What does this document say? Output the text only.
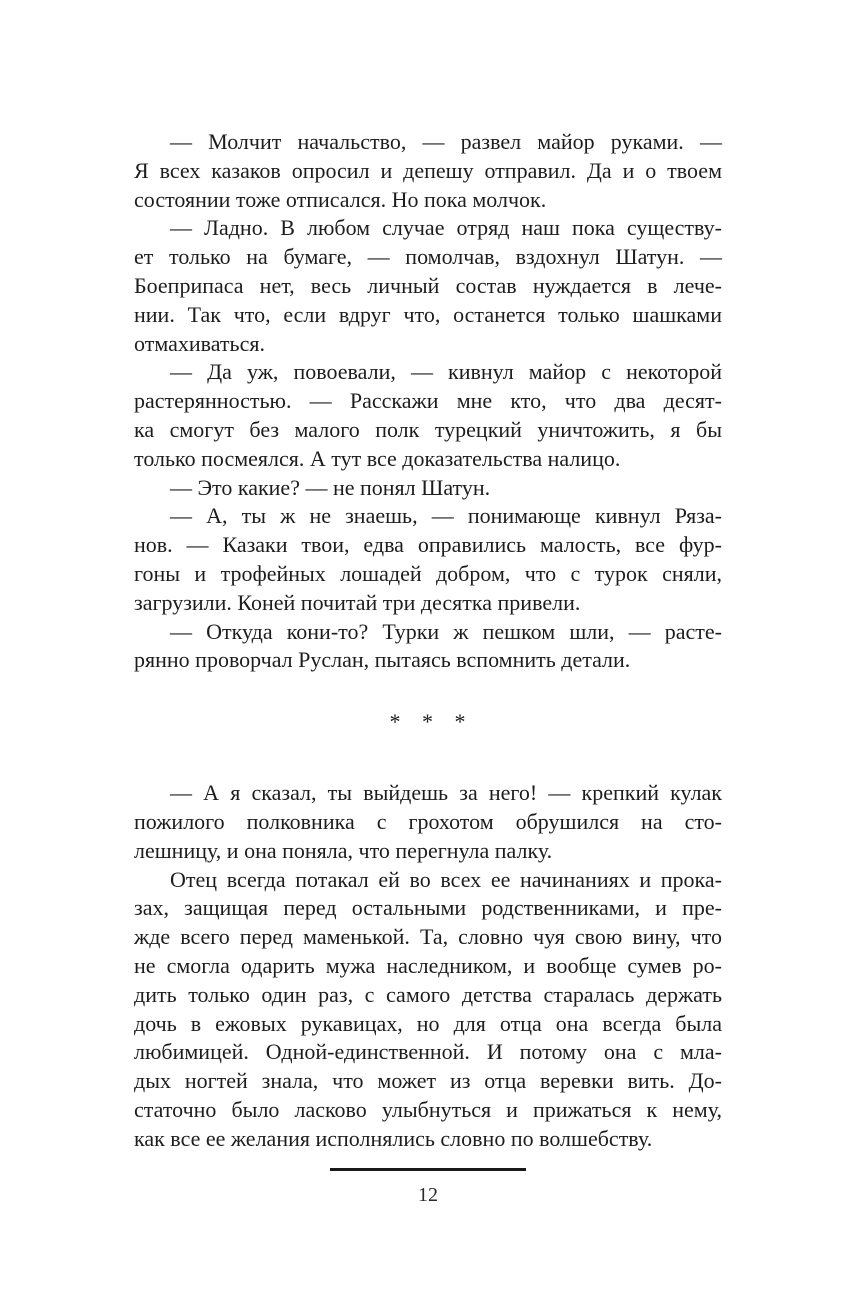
— Молчит начальство, — развел майор руками. —
Я всех казаков опросил и депешу отправил. Да и о твоем
состоянии тоже отписался. Но пока молчок.
— Ладно. В любом случае отряд наш пока существу-
ет только на бумаге, — помолчав, вздохнул Шатун. —
Боеприпаса нет, весь личный состав нуждается в лече-
нии. Так что, если вдруг что, останется только шашками
отмахиваться.
— Да уж, повоевали, — кивнул майор с некоторой
растерянностью. — Расскажи мне кто, что два десят-
ка смогут без малого полк турецкий уничтожить, я бы
только посмеялся. А тут все доказательства налицо.
— Это какие? — не понял Шатун.
— А, ты ж не знаешь, — понимающе кивнул Ряза-
нов. — Казаки твои, едва оправились малость, все фур-
гоны и трофейных лошадей добром, что с турок сняли,
загрузили. Коней почитай три десятка привели.
— Откуда кони-то? Турки ж пешком шли, — расте-
рянно проворчал Руслан, пытаясь вспомнить детали.
* * *
— А я сказал, ты выйдешь за него! — крепкий кулак
пожилого полковника с грохотом обрушился на сто-
лешницу, и она поняла, что перегнула палку.
Отец всегда потакал ей во всех ее начинаниях и прока-
зах, защищая перед остальными родственниками, и пре-
жде всего перед маменькой. Та, словно чуя свою вину, что
не смогла одарить мужа наследником, и вообще сумев ро-
дить только один раз, с самого детства старалась держать
дочь в ежовых рукавицах, но для отца она всегда была
любимицей. Одной-единственной. И потому она с мла-
дых ногтей знала, что может из отца веревки вить. До-
статочно было ласково улыбнуться и прижаться к нему,
как все ее желания исполнялись словно по волшебству.
12
